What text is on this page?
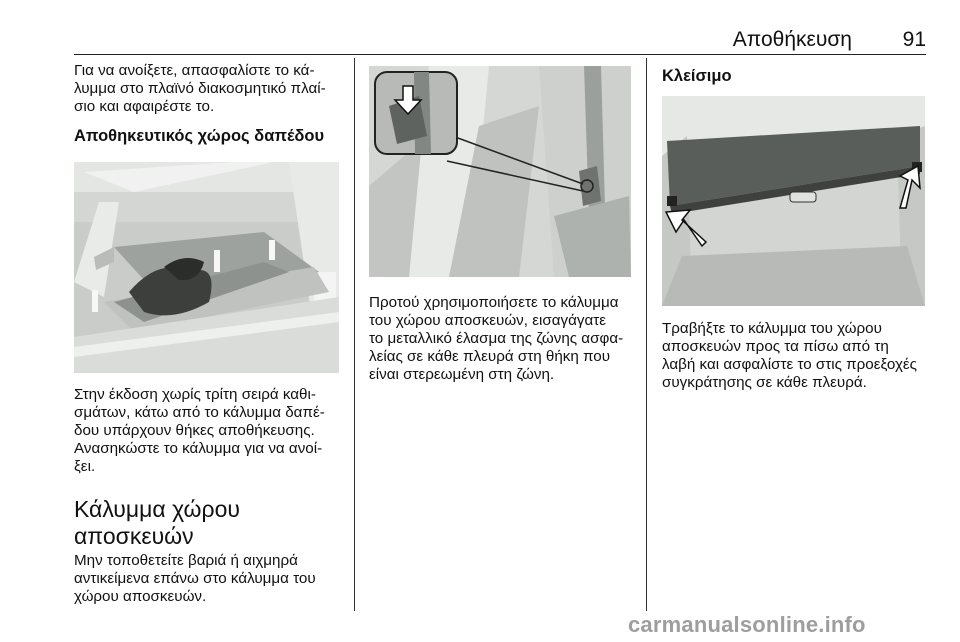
Αποθήκευση 91

Για να ανοίξετε, απασφαλίστε το κά-

λυμμα στο πλαϊνό διακοσμητικό πλαί-

σιο και αφαιρέστε το.

Αποθηκευτικός χώρος δαπέδου

Στην έκδοση χωρίς τρίτη σειρά καθι-

σμάτων, κάτω από το κάλυμμα δαπέ-

δου υπάρχουν θήκες αποθήκευσης.

Ανασηκώστε το κάλυμμα για να ανοί-

ξει.

Κάλυμμα χώρου

αποσκευών

Μην τοποθετείτε βαριά ή αιχμηρά

αντικείμενα επάνω στο κάλυμμα του

χώρου αποσκευών.

Προτού χρησιμοποιήσετε το κάλυμμα

του χώρου αποσκευών, εισαγάγατε

το μεταλλικό έλασμα της ζώνης ασφα-

λείας σε κάθε πλευρά στη θήκη που

είναι στερεωμένη στη ζώνη.

Κλείσιμο

Τραβήξτε το κάλυμμα του χώρου

αποσκευών προς τα πίσω από τη

λαβή και ασφαλίστε το στις προεξοχές

συγκράτησης σε κάθε πλευρά.

carmanualsonline.info
